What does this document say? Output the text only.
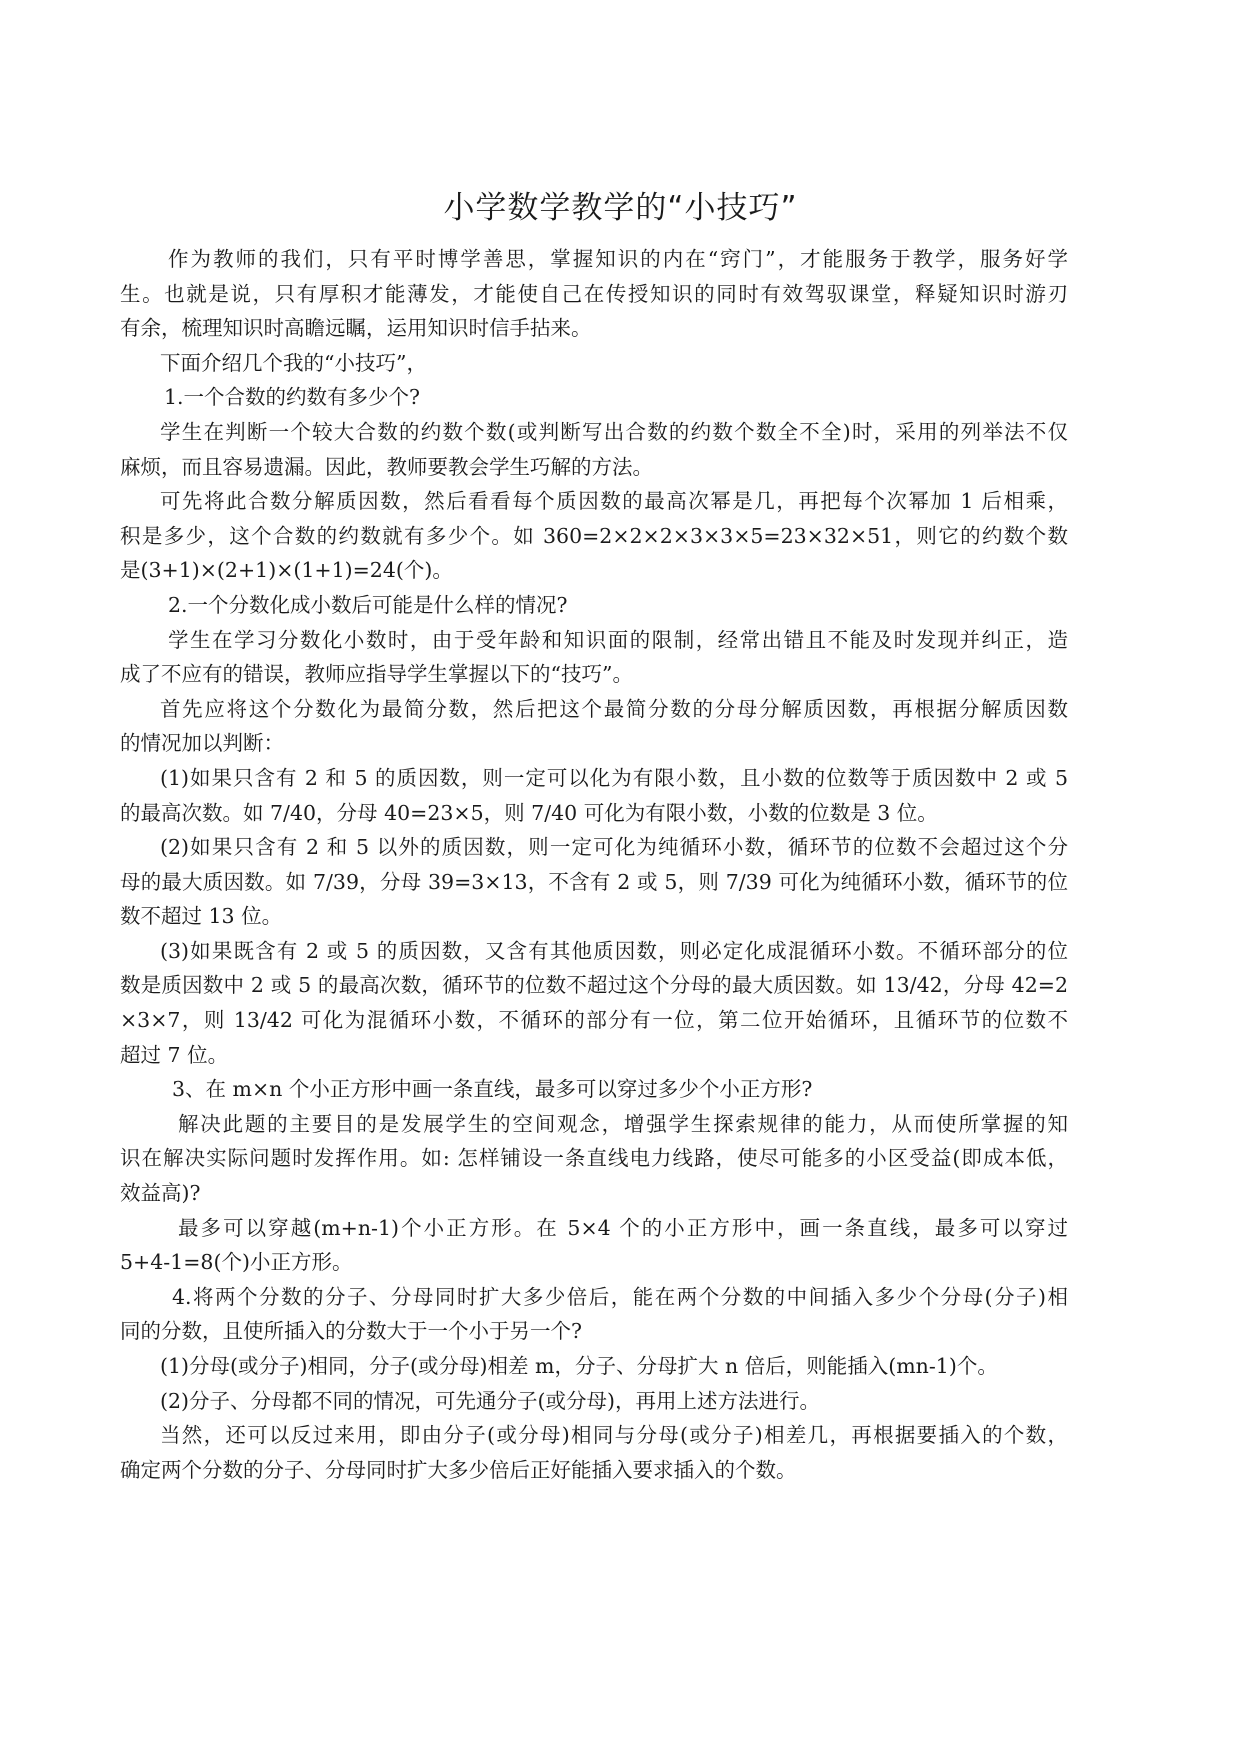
小学数学教学的“小技巧”
作为教师的我们，只有平时博学善思，掌握知识的内在“窍门”，才能服务于教学，服务好学
生。也就是说，只有厚积才能薄发，才能使自己在传授知识的同时有效驾驭课堂，释疑知识时游刃
有余，梳理知识时高瞻远瞩，运用知识时信手拈来。
下面介绍几个我的“小技巧”，
1.一个合数的约数有多少个?
学生在判断一个较大合数的约数个数(或判断写出合数的约数个数全不全)时，采用的列举法不仅
麻烦，而且容易遗漏。因此，教师要教会学生巧解的方法。
可先将此合数分解质因数，然后看看每个质因数的最高次幂是几，再把每个次幂加 1 后相乘，
积是多少，这个合数的约数就有多少个。如 360=2×2×2×3×3×5=23×32×51，则它的约数个数
是(3+1)×(2+1)×(1+1)=24(个)。
2.一个分数化成小数后可能是什么样的情况?
学生在学习分数化小数时，由于受年龄和知识面的限制，经常出错且不能及时发现并纠正，造
成了不应有的错误，教师应指导学生掌握以下的“技巧”。
首先应将这个分数化为最简分数，然后把这个最简分数的分母分解质因数，再根据分解质因数
的情况加以判断：
(1)如果只含有 2 和 5 的质因数，则一定可以化为有限小数，且小数的位数等于质因数中 2 或 5
的最高次数。如 7/40，分母 40=23×5，则 7/40 可化为有限小数，小数的位数是 3 位。
(2)如果只含有 2 和 5 以外的质因数，则一定可化为纯循环小数，循环节的位数不会超过这个分
母的最大质因数。如 7/39，分母 39=3×13，不含有 2 或 5，则 7/39 可化为纯循环小数，循环节的位
数不超过 13 位。
(3)如果既含有 2 或 5 的质因数，又含有其他质因数，则必定化成混循环小数。不循环部分的位
数是质因数中 2 或 5 的最高次数，循环节的位数不超过这个分母的最大质因数。如 13/42，分母 42=2
×3×7，则 13/42 可化为混循环小数，不循环的部分有一位，第二位开始循环，且循环节的位数不
超过 7 位。
3、在 m×n 个小正方形中画一条直线，最多可以穿过多少个小正方形?
解决此题的主要目的是发展学生的空间观念，增强学生探索规律的能力，从而使所掌握的知
识在解决实际问题时发挥作用。如: 怎样铺设一条直线电力线路，使尽可能多的小区受益(即成本低，
效益高)?
最多可以穿越(m+n-1)个小正方形。在 5×4 个的小正方形中，画一条直线，最多可以穿过
5+4-1=8(个)小正方形。
4.将两个分数的分子、分母同时扩大多少倍后，能在两个分数的中间插入多少个分母(分子)相
同的分数，且使所插入的分数大于一个小于另一个?
(1)分母(或分子)相同，分子(或分母)相差 m，分子、分母扩大 n 倍后，则能插入(mn-1)个。
(2)分子、分母都不同的情况，可先通分子(或分母)，再用上述方法进行。
当然，还可以反过来用，即由分子(或分母)相同与分母(或分子)相差几，再根据要插入的个数，
确定两个分数的分子、分母同时扩大多少倍后正好能插入要求插入的个数。
